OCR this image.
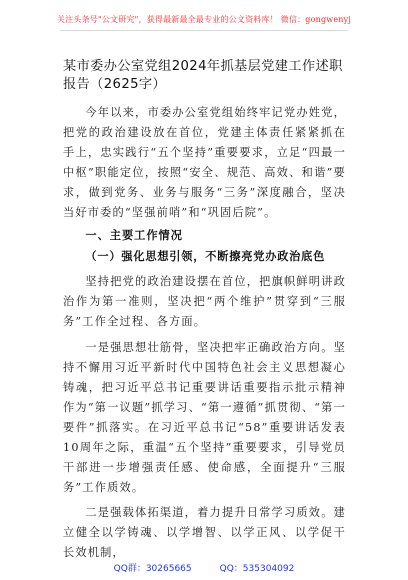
关注头条号"公文研究"，获得最新最全最专业的公文资料库！ 微信：gongwenyj
某市委办公室党组2024年抓基层党建工作述职报告（2625字）

今年以来，市委办公室党组始终牢记党办姓党，把党的政治建设放在首位，党建主体责任紧紧抓在手上，忠实践行“五个坚持”重要要求，立足“四最一中枢”职能定位，按照“安全、规范、高效、和谐”要求，做到党务、业务与服务“三务”深度融合，坚决当好市委的“坚强前哨”和“巩固后院”。

一、主要工作情况
（一）强化思想引领，不断擦亮党办政治底色

坚持把党的政治建设摆在首位，把旗帜鲜明讲政治作为第一准则，坚决把“两个维护”贯穿到“三服务”工作全过程、各方面。

一是强思想壮筋骨，坚决把牢正确政治方向。坚持不懈用习近平新时代中国特色社会主义思想凝心铸魂，把习近平总书记重要讲话重要指示批示精神作为“第一议题”抓学习、“第一遵循”抓贯彻、“第一要件”抓落实。在习近平总书记“58”重要讲话发表10周年之际，重温“五个坚持”重要要求，引导党员干部进一步增强责任感、使命感，全面提升“三服务”工作质效。

二是强载体拓渠道，着力提升日常学习质效。建立健全以学铸魂、以学增智、以学正风、以学促干长效机制，

QQ群：30265665	QQ：535304092
